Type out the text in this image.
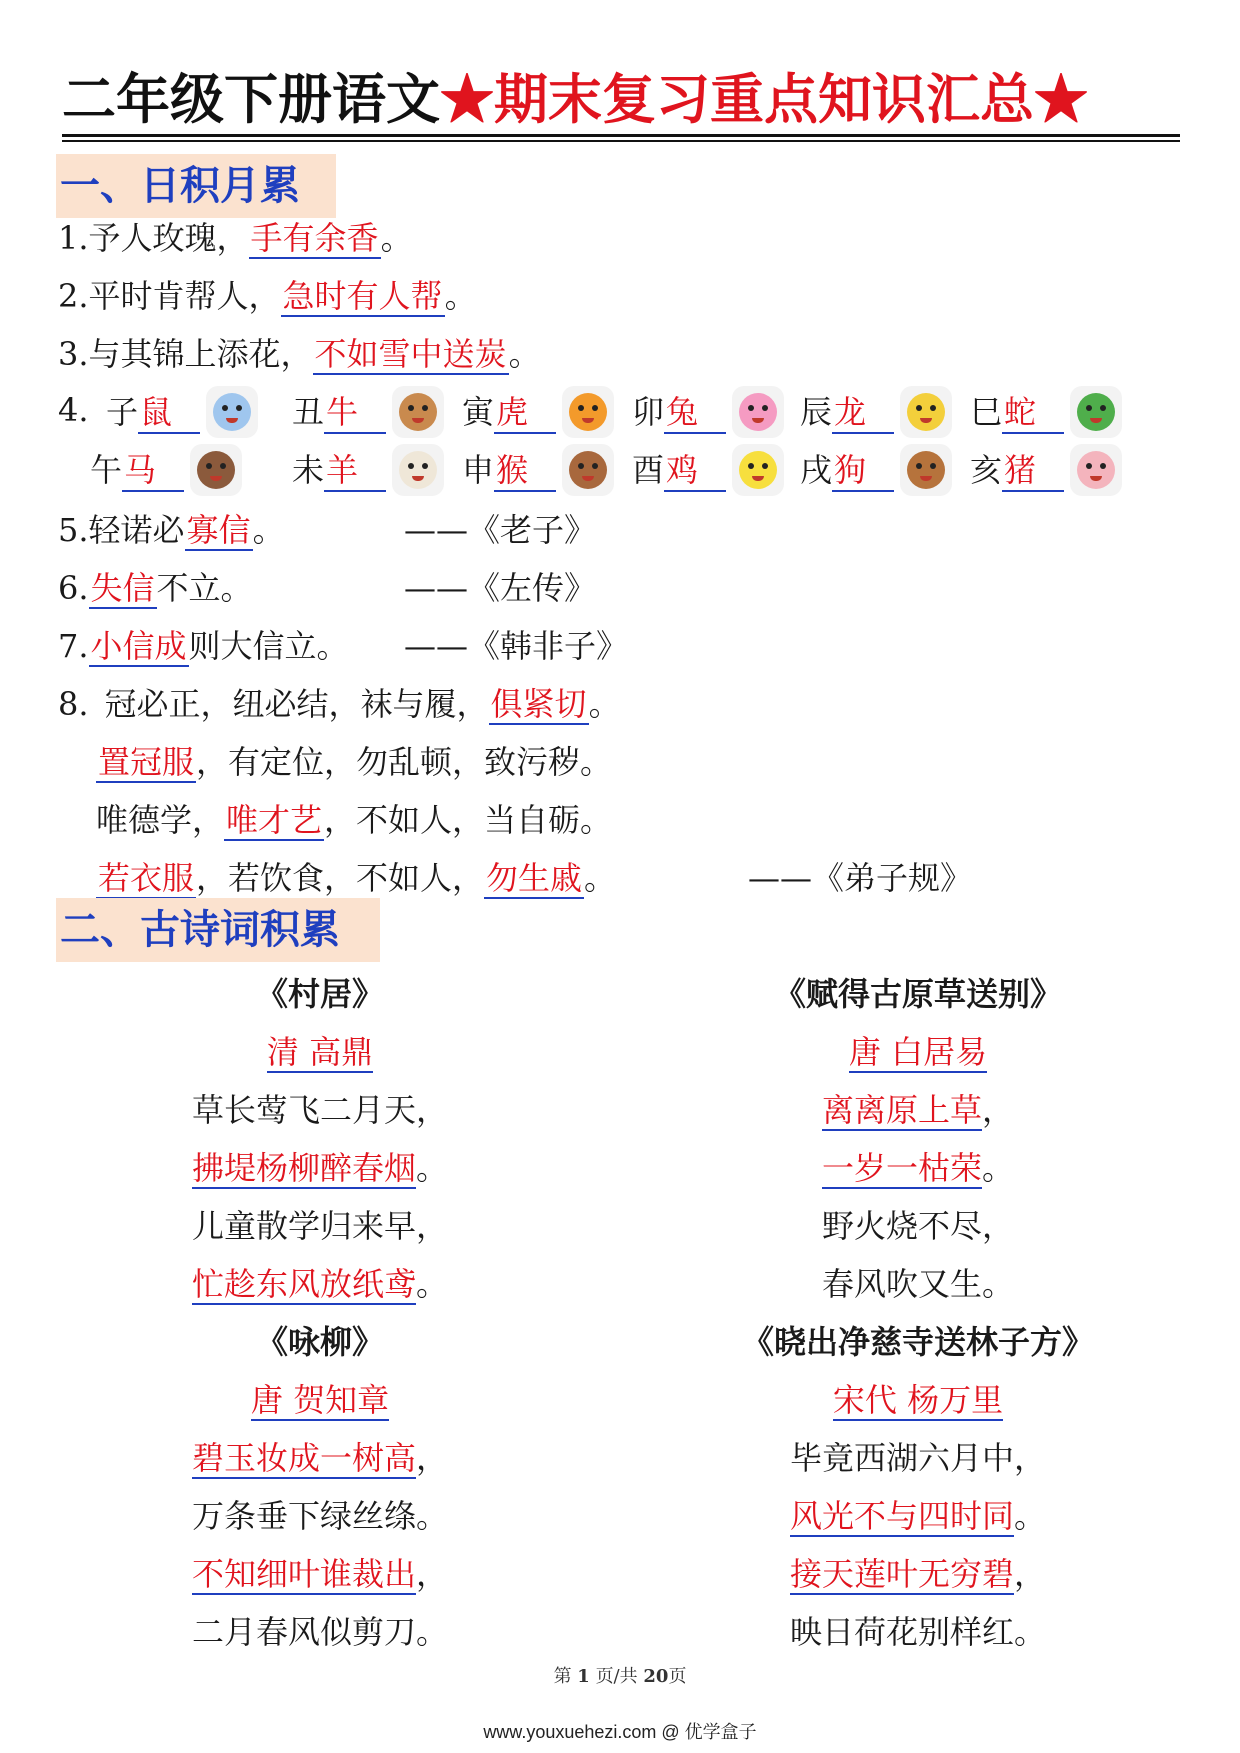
二年级下册语文★期末复习重点知识汇总★
一、日积月累
1.予人玫瑰，手有余香。
2.平时肯帮人，急时有人帮。
3.与其锦上添花，不如雪中送炭。
4. 子鼠	丑牛	寅虎	卯兔	辰龙	巳蛇
午马	未羊	申猴	酉鸡	戌狗	亥猪
5.轻诺必寡信。	——《老子》
6.失信不立。	——《左传》
7.小信成则大信立。 ——《韩非子》
8. 冠必正，纽必结，袜与履，俱紧切。
置冠服，有定位，勿乱顿，致污秽。
唯德学，唯才艺，不如人，当自砺。
若衣服，若饮食，不如人，勿生戚。	——《弟子规》
二、古诗词积累
《村居》
清 高鼎
草长莺飞二月天，
拂堤杨柳醉春烟。
儿童散学归来早，
忙趁东风放纸鸢。
《咏柳》
唐 贺知章
碧玉妆成一树高，
万条垂下绿丝绦。
不知细叶谁裁出，
二月春风似剪刀。
《赋得古原草送别》
唐 白居易
离离原上草，
一岁一枯荣。
野火烧不尽，
春风吹又生。
《晓出净慈寺送林子方》
宋代 杨万里
毕竟西湖六月中，
风光不与四时同。
接天莲叶无穷碧，
映日荷花别样红。
第 1 页/共 20页
www.youxuehezi.com @ 优学盒子
